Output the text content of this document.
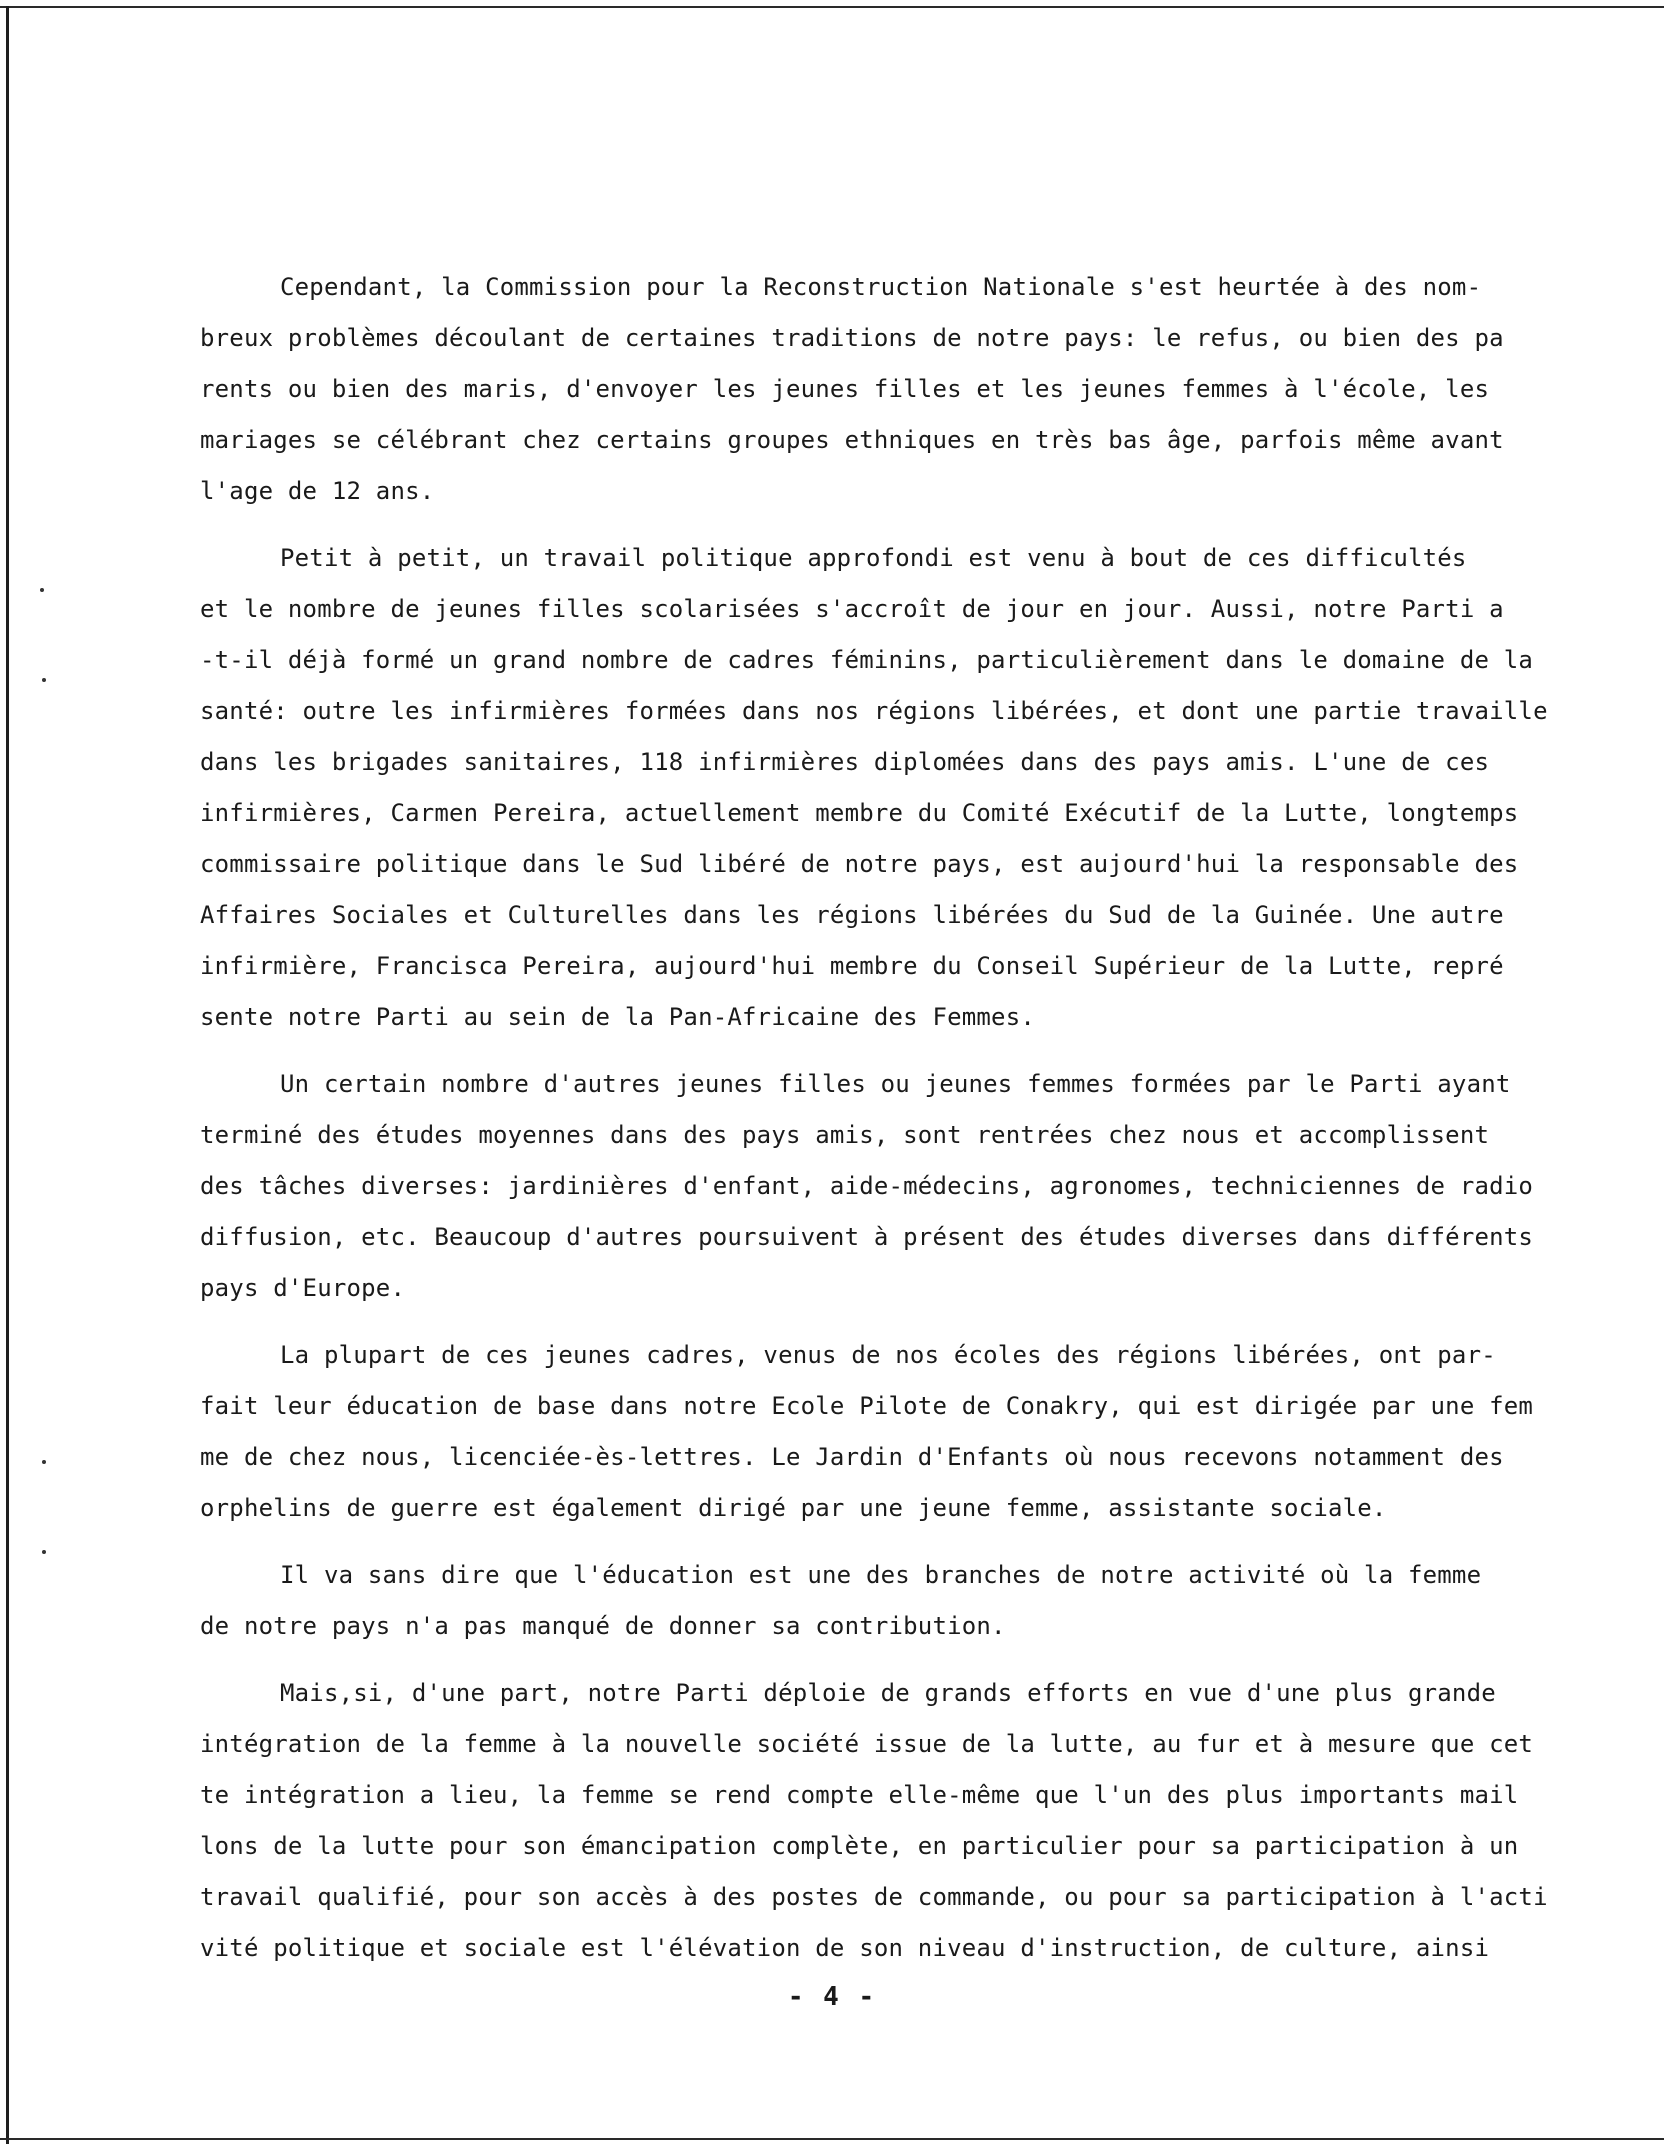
Cependant, la Commission pour la Reconstruction Nationale s'est heurtée à des nom-
breux problèmes découlant de certaines traditions de notre pays: le refus, ou bien des pa
rents ou bien des maris, d'envoyer les jeunes filles et les jeunes femmes à l'école, les
mariages se célébrant chez certains groupes ethniques en très bas âge, parfois même avant
l'age de 12 ans.
Petit à petit, un travail politique approfondi est venu à bout de ces difficultés
et le nombre de jeunes filles scolarisées s'accroît de jour en jour. Aussi, notre Parti a
-t-il déjà formé un grand nombre de cadres féminins, particulièrement dans le domaine de la
santé: outre les infirmières formées dans nos régions libérées, et dont une partie travaille
dans les brigades sanitaires, 118 infirmières diplomées dans des pays amis. L'une de ces
infirmières, Carmen Pereira, actuellement membre du Comité Exécutif de la Lutte, longtemps
commissaire politique dans le Sud libéré de notre pays, est aujourd'hui la responsable des
Affaires Sociales et Culturelles dans les régions libérées du Sud de la Guinée. Une autre
infirmière, Francisca Pereira, aujourd'hui membre du Conseil Supérieur de la Lutte, repré
sente notre Parti au sein de la Pan-Africaine des Femmes.
Un certain nombre d'autres jeunes filles ou jeunes femmes formées par le Parti ayant
terminé des études moyennes dans des pays amis, sont rentrées chez nous et accomplissent
des tâches diverses: jardinières d'enfant, aide-médecins, agronomes, techniciennes de radio
diffusion, etc. Beaucoup d'autres poursuivent à présent des études diverses dans différents
pays d'Europe.
La plupart de ces jeunes cadres, venus de nos écoles des régions libérées, ont par-
fait leur éducation de base dans notre Ecole Pilote de Conakry, qui est dirigée par une fem
me de chez nous, licenciée-ès-lettres. Le Jardin d'Enfants où nous recevons notamment des
orphelins de guerre est également dirigé par une jeune femme, assistante sociale.
Il va sans dire que l'éducation est une des branches de notre activité où la femme
de notre pays n'a pas manqué de donner sa contribution.
Mais,si, d'une part, notre Parti déploie de grands efforts en vue d'une plus grande
intégration de la femme à la nouvelle société issue de la lutte, au fur et à mesure que cet
te intégration a lieu, la femme se rend compte elle-même que l'un des plus importants mail
lons de la lutte pour son émancipation complète, en particulier pour sa participation à un
travail qualifié, pour son accès à des postes de commande, ou pour sa participation à l'acti
vité politique et sociale est l'élévation de son niveau d'instruction, de culture, ainsi
- 4 -
